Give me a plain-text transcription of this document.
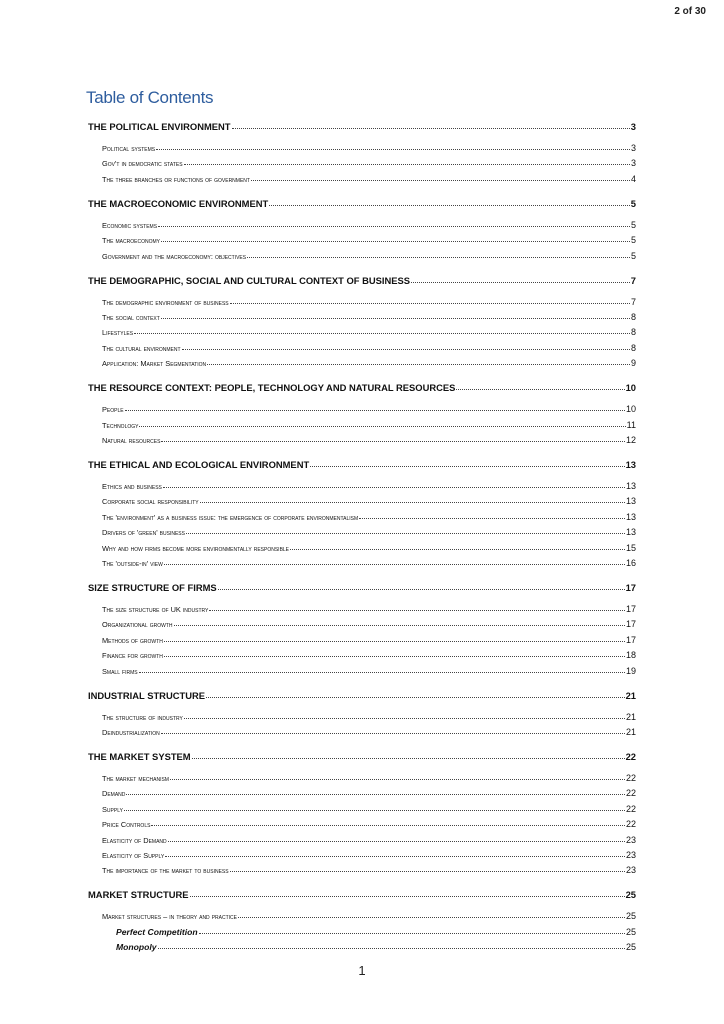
2 of 30
Table of Contents
THE POLITICAL ENVIRONMENT	3
Political systems	3
Gov't in democratic states	3
The three branches or functions of government	4
THE MACROECONOMIC ENVIRONMENT	5
Economic systems	5
The macroeconomy	5
Government and the macroeconomy: objectives	5
THE DEMOGRAPHIC, SOCIAL AND CULTURAL CONTEXT OF BUSINESS	7
The demographic environment of business	7
The social context	8
Lifestyles	8
The cultural environment	8
Application: Market Segmentation	9
THE RESOURCE CONTEXT: PEOPLE, TECHNOLOGY AND NATURAL RESOURCES	10
People	10
Technology	11
Natural resources	12
THE ETHICAL AND ECOLOGICAL ENVIRONMENT	13
Ethics and business	13
Corporate social responsibility	13
The 'environment' as a business issue: the emergence of corporate environmentalism	13
Drivers of 'green' business	13
Why and how firms become more environmentally responsible	15
The 'outside-in' view	16
SIZE STRUCTURE OF FIRMS	17
The size structure of UK industry	17
Organizational growth	17
Methods of growth	17
Finance for growth	18
Small firms	19
INDUSTRIAL STRUCTURE	21
The structure of industry	21
Deindustrialization	21
THE MARKET SYSTEM	22
The market mechanism	22
Demand	22
Supply	22
Price Controls	22
Elasticity of Demand	23
Elasticity of Supply	23
The importance of the market to business	23
MARKET STRUCTURE	25
Market structures – in theory and practice	25
Perfect Competition	25
Monopoly	25
1
